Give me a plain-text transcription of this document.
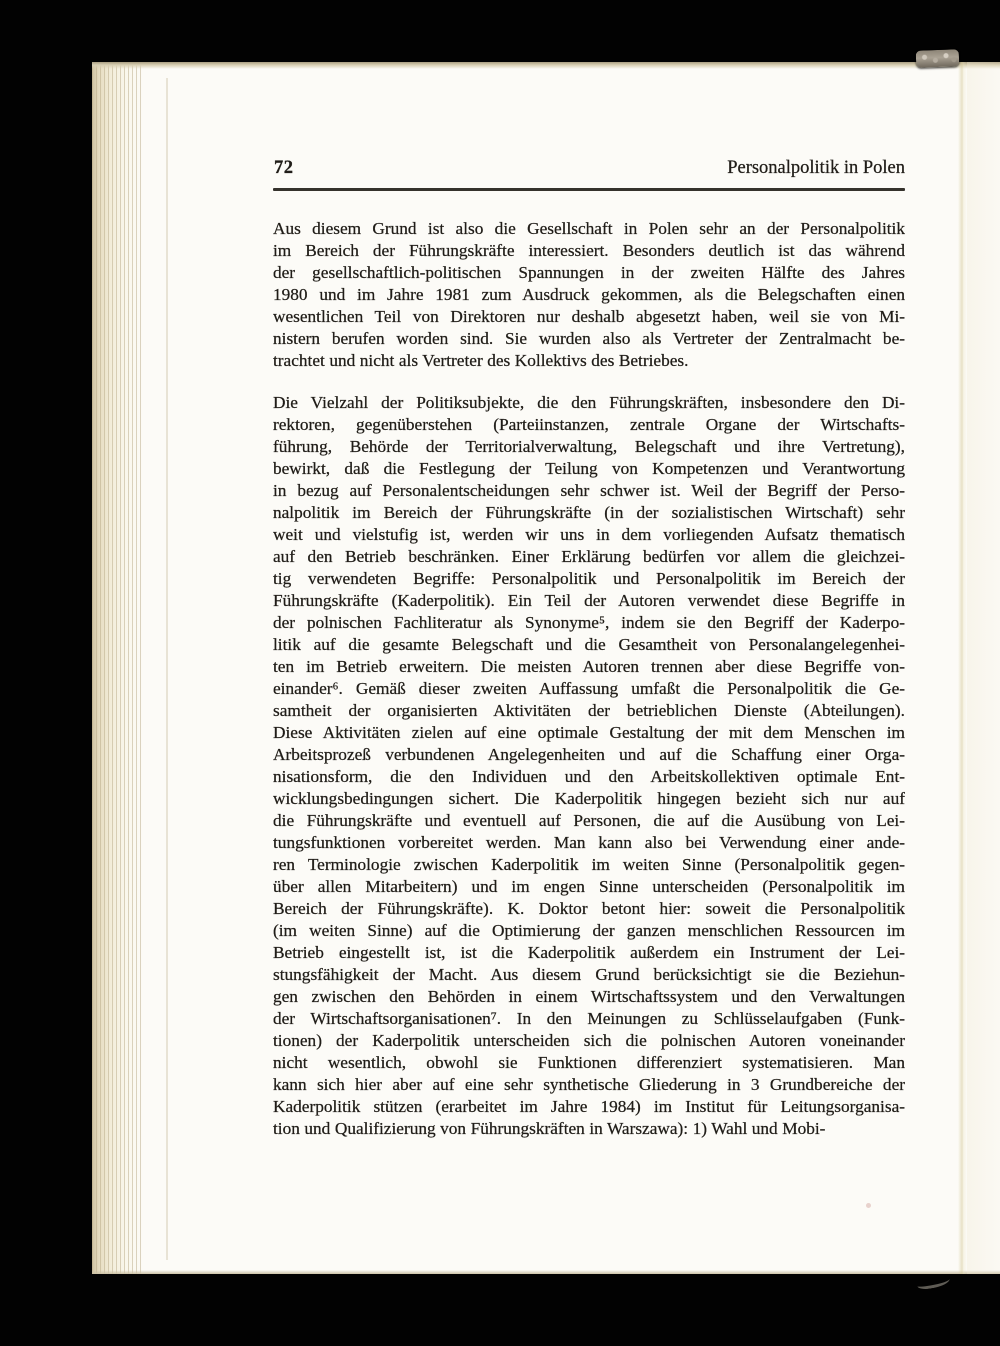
72	Personalpolitik in Polen
Aus diesem Grund ist also die Gesellschaft in Polen sehr an der Personalpolitik
im Bereich der Führungskräfte interessiert. Besonders deutlich ist das während
der gesellschaftlich-politischen Spannungen in der zweiten Hälfte des Jahres
1980 und im Jahre 1981 zum Ausdruck gekommen, als die Belegschaften einen
wesentlichen Teil von Direktoren nur deshalb abgesetzt haben, weil sie von Mi-
nistern berufen worden sind. Sie wurden also als Vertreter der Zentralmacht be-
trachtet und nicht als Vertreter des Kollektivs des Betriebes.
Die Vielzahl der Politiksubjekte, die den Führungskräften, insbesondere den Di-
rektoren, gegenüberstehen (Parteiinstanzen, zentrale Organe der Wirtschafts-
führung, Behörde der Territorialverwaltung, Belegschaft und ihre Vertretung),
bewirkt, daß die Festlegung der Teilung von Kompetenzen und Verantwortung
in bezug auf Personalentscheidungen sehr schwer ist. Weil der Begriff der Perso-
nalpolitik im Bereich der Führungskräfte (in der sozialistischen Wirtschaft) sehr
weit und vielstufig ist, werden wir uns in dem vorliegenden Aufsatz thematisch
auf den Betrieb beschränken. Einer Erklärung bedürfen vor allem die gleichzei-
tig verwendeten Begriffe: Personalpolitik und Personalpolitik im Bereich der
Führungskräfte (Kaderpolitik). Ein Teil der Autoren verwendet diese Begriffe in
der polnischen Fachliteratur als Synonyme⁵, indem sie den Begriff der Kaderpo-
litik auf die gesamte Belegschaft und die Gesamtheit von Personalangelegenhei-
ten im Betrieb erweitern. Die meisten Autoren trennen aber diese Begriffe von-
einander⁶. Gemäß dieser zweiten Auffassung umfaßt die Personalpolitik die Ge-
samtheit der organisierten Aktivitäten der betrieblichen Dienste (Abteilungen).
Diese Aktivitäten zielen auf eine optimale Gestaltung der mit dem Menschen im
Arbeitsprozeß verbundenen Angelegenheiten und auf die Schaffung einer Orga-
nisationsform, die den Individuen und den Arbeitskollektiven optimale Ent-
wicklungsbedingungen sichert. Die Kaderpolitik hingegen bezieht sich nur auf
die Führungskräfte und eventuell auf Personen, die auf die Ausübung von Lei-
tungsfunktionen vorbereitet werden. Man kann also bei Verwendung einer ande-
ren Terminologie zwischen Kaderpolitik im weiten Sinne (Personalpolitik gegen-
über allen Mitarbeitern) und im engen Sinne unterscheiden (Personalpolitik im
Bereich der Führungskräfte). K. Doktor betont hier: soweit die Personalpolitik
(im weiten Sinne) auf die Optimierung der ganzen menschlichen Ressourcen im
Betrieb eingestellt ist, ist die Kaderpolitik außerdem ein Instrument der Lei-
stungsfähigkeit der Macht. Aus diesem Grund berücksichtigt sie die Beziehun-
gen zwischen den Behörden in einem Wirtschaftssystem und den Verwaltungen
der Wirtschaftsorganisationen⁷. In den Meinungen zu Schlüsselaufgaben (Funk-
tionen) der Kaderpolitik unterscheiden sich die polnischen Autoren voneinander
nicht wesentlich, obwohl sie Funktionen differenziert systematisieren. Man
kann sich hier aber auf eine sehr synthetische Gliederung in 3 Grundbereiche der
Kaderpolitik stützen (erarbeitet im Jahre 1984) im Institut für Leitungsorganisa-
tion und Qualifizierung von Führungskräften in Warszawa): 1) Wahl und Mobi-
